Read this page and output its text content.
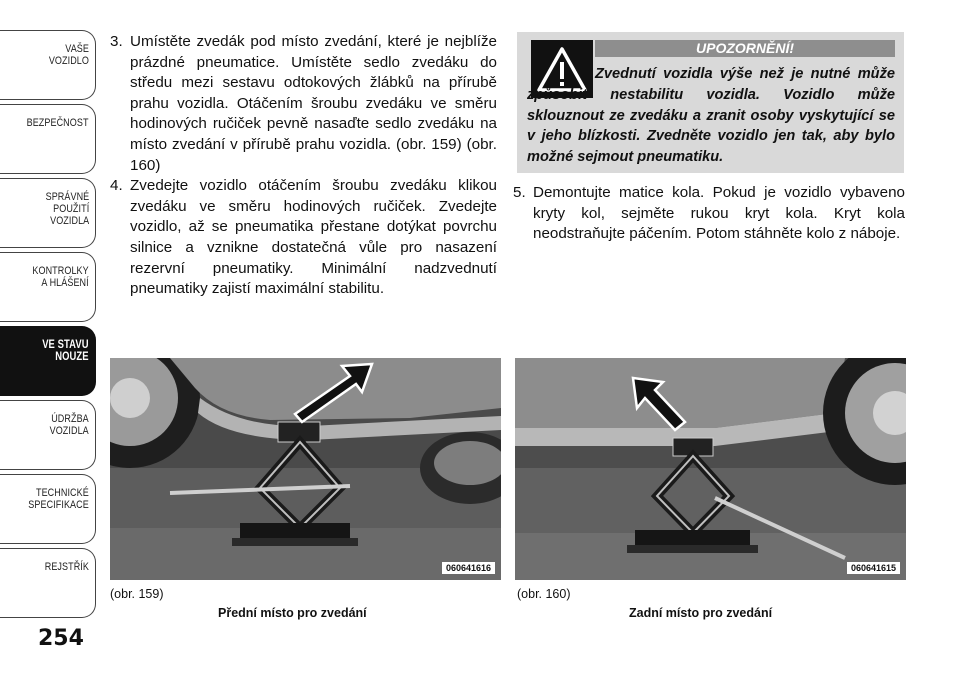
VAŠE
VOZIDLO
BEZPEČNOST
SPRÁVNÉ
POUŽITÍ
VOZIDLA
KONTROLKY
A HLÁŠENÍ
VE STAVU
NOUZE
ÚDRŽBA
VOZIDLA
TECHNICKÉ
SPECIFIKACE
REJSTŘÍK
254
3. Umístěte zvedák pod místo zvedání, které je nejblíže prázdné pneumatice. Umístěte sedlo zvedáku do středu mezi sestavu odtokových žlábků na přírubě prahu vozidla. Otáčením šroubu zvedáku ve směru hodinových ručiček pevně nasaďte sedlo zvedáku na místo zvedání v přírubě prahu vozidla. (obr. 159) (obr. 160)
4. Zvedejte vozidlo otáčením šroubu zvedáku klikou zvedáku ve směru hodinových ručiček. Zvedejte vozidlo, až se pneumatika přestane dotýkat povrchu silnice a vznikne dostatečná vůle pro nasazení rezervní pneumatiky. Minimální nadzvednutí pneumatiky zajistí maximální stabilitu.
UPOZORNĚNÍ!
Zvednutí vozidla výše než je nutné může způsobit nestabilitu vozidla. Vozidlo může sklouznout ze zvedáku a zranit osoby vyskytující se v jeho blízkosti. Zvedněte vozidlo jen tak, aby bylo možné sejmout pneumatiku.
5. Demontujte matice kola. Pokud je vozidlo vybaveno kryty kol, sejměte rukou kryt kola. Kryt kola neodstraňujte páčením. Potom stáhněte kolo z náboje.
060641616
(obr. 159)
Přední místo pro zvedání
060641615
(obr. 160)
Zadní místo pro zvedání
